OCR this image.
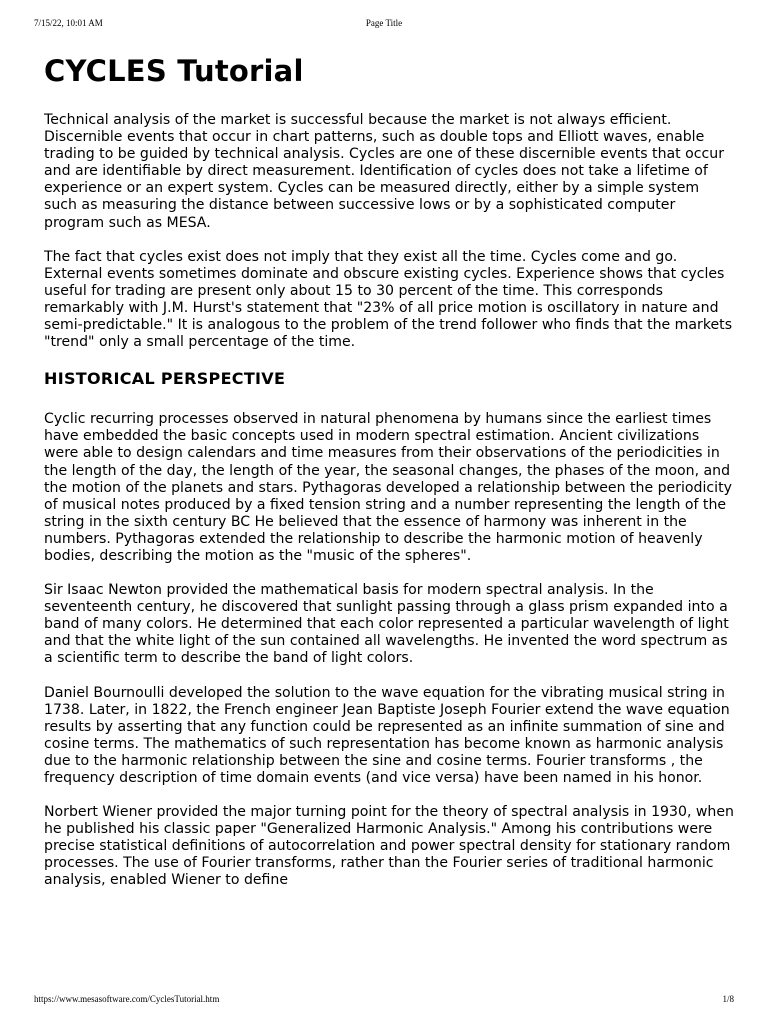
7/15/22, 10:01 AM	Page Title
CYCLES Tutorial

Technical analysis of the market is successful because the market is not always efficient. Discernible events that occur in chart patterns, such as double tops and Elliott waves, enable trading to be guided by technical analysis. Cycles are one of these discernible events that occur and are identifiable by direct measurement. Identification of cycles does not take a lifetime of experience or an expert system. Cycles can be measured directly, either by a simple system such as measuring the distance between successive lows or by a sophisticated computer program such as MESA.

The fact that cycles exist does not imply that they exist all the time. Cycles come and go. External events sometimes dominate and obscure existing cycles. Experience shows that cycles useful for trading are present only about 15 to 30 percent of the time. This corresponds remarkably with J.M. Hurst's statement that "23% of all price motion is oscillatory in nature and semi-predictable." It is analogous to the problem of the trend follower who finds that the markets "trend" only a small percentage of the time.

HISTORICAL PERSPECTIVE

Cyclic recurring processes observed in natural phenomena by humans since the earliest times have embedded the basic concepts used in modern spectral estimation. Ancient civilizations were able to design calendars and time measures from their observations of the periodicities in the length of the day, the length of the year, the seasonal changes, the phases of the moon, and the motion of the planets and stars. Pythagoras developed a relationship between the periodicity of musical notes produced by a fixed tension string and a number representing the length of the string in the sixth century BC He believed that the essence of harmony was inherent in the numbers. Pythagoras extended the relationship to describe the harmonic motion of heavenly bodies, describing the motion as the "music of the spheres".

Sir Isaac Newton provided the mathematical basis for modern spectral analysis. In the seventeenth century, he discovered that sunlight passing through a glass prism expanded into a band of many colors. He determined that each color represented a particular wavelength of light and that the white light of the sun contained all wavelengths. He invented the word spectrum as a scientific term to describe the band of light colors.

Daniel Bournoulli developed the solution to the wave equation for the vibrating musical string in 1738. Later, in 1822, the French engineer Jean Baptiste Joseph Fourier extend the wave equation results by asserting that any function could be represented as an infinite summation of sine and cosine terms. The mathematics of such representation has become known as harmonic analysis due to the harmonic relationship between the sine and cosine terms. Fourier transforms , the frequency description of time domain events (and vice versa) have been named in his honor.

Norbert Wiener provided the major turning point for the theory of spectral analysis in 1930, when he published his classic paper "Generalized Harmonic Analysis." Among his contributions were precise statistical definitions of autocorrelation and power spectral density for stationary random processes. The use of Fourier transforms, rather than the Fourier series of traditional harmonic analysis, enabled Wiener to define

https://www.mesasoftware.com/CyclesTutorial.htm	1/8
